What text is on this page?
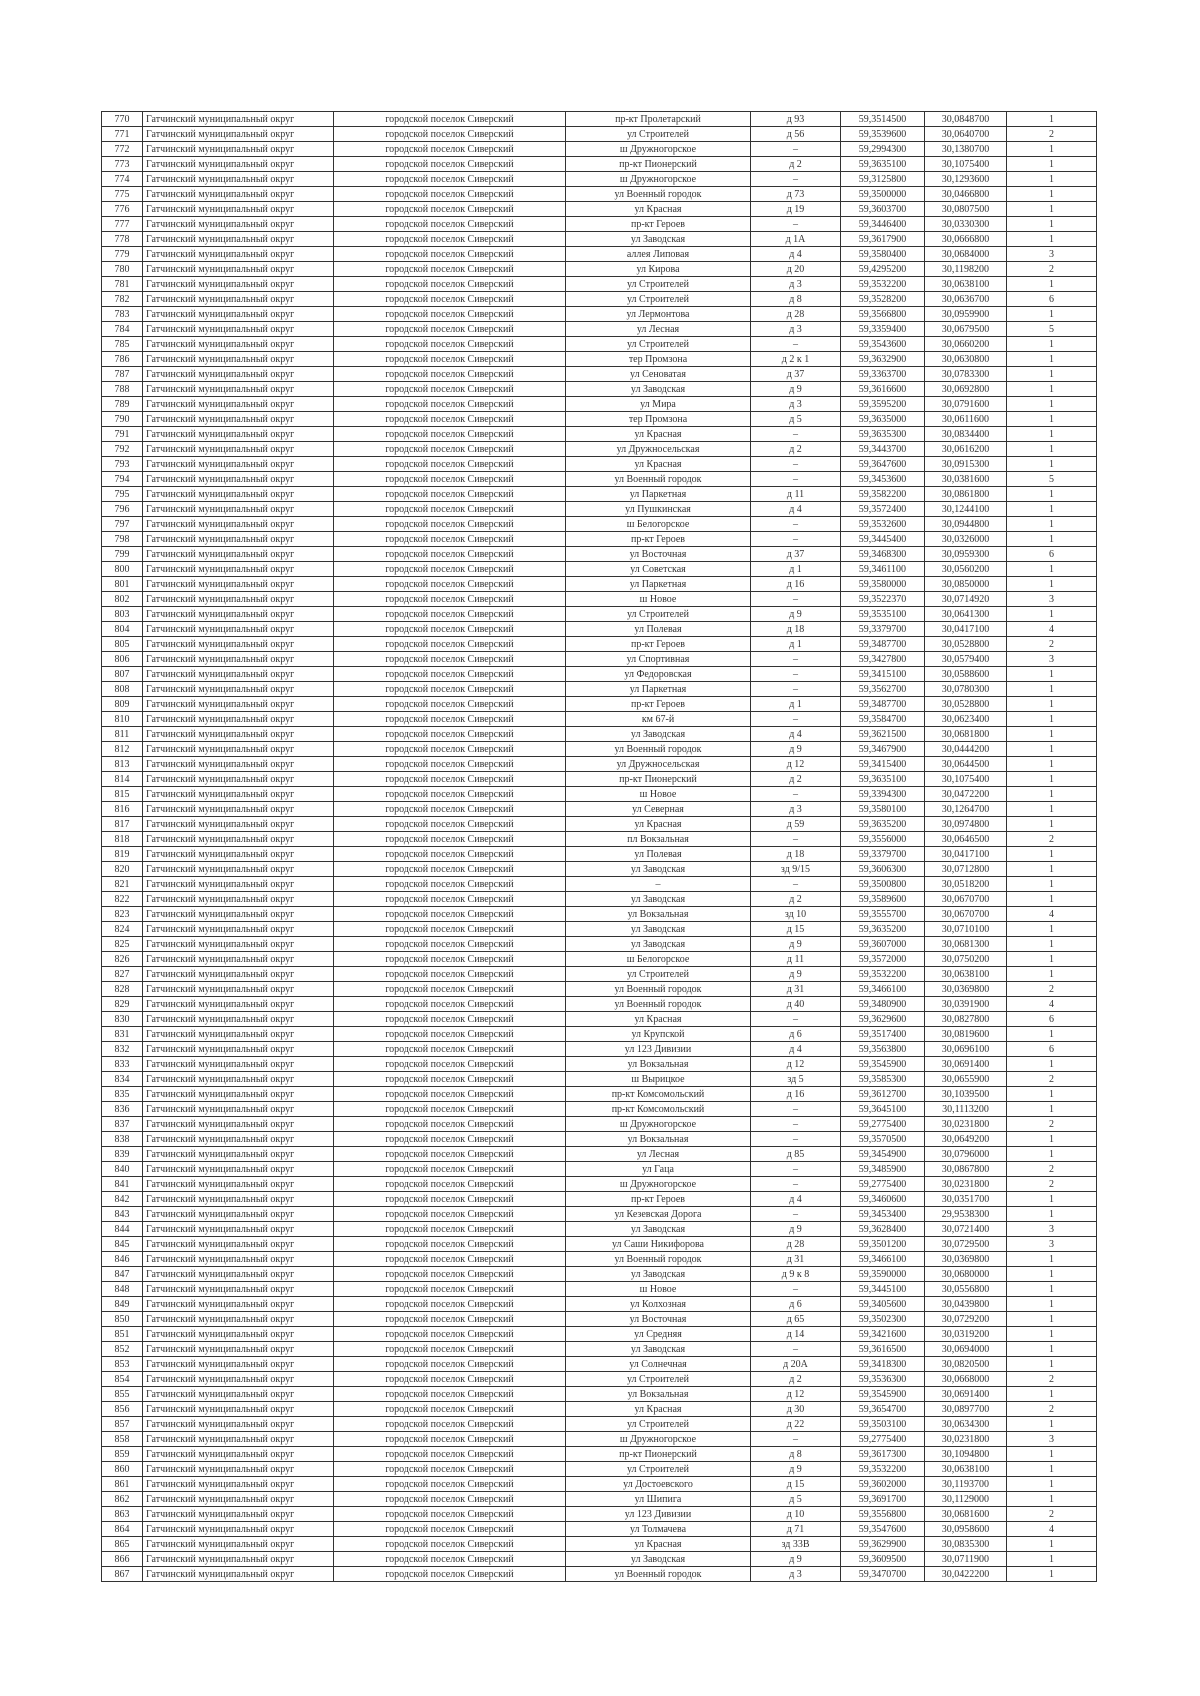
770	Гатчинский муниципальный округ	городской поселок Сиверский	пр-кт Пролетарский	д 93	59,3514500	30,0848700	1
771	Гатчинский муниципальный округ	городской поселок Сиверский	ул Строителей	д 56	59,3539600	30,0640700	2
772	Гатчинский муниципальный округ	городской поселок Сиверский	ш Дружногорское	–	59,2994300	30,1380700	1
773	Гатчинский муниципальный округ	городской поселок Сиверский	пр-кт Пионерский	д 2	59,3635100	30,1075400	1
774	Гатчинский муниципальный округ	городской поселок Сиверский	ш Дружногорское	–	59,3125800	30,1293600	1
775	Гатчинский муниципальный округ	городской поселок Сиверский	ул Военный городок	д 73	59,3500000	30,0466800	1
776	Гатчинский муниципальный округ	городской поселок Сиверский	ул Красная	д 19	59,3603700	30,0807500	1
777	Гатчинский муниципальный округ	городской поселок Сиверский	пр-кт Героев	–	59,3446400	30,0330300	1
778	Гатчинский муниципальный округ	городской поселок Сиверский	ул Заводская	д 1А	59,3617900	30,0666800	1
779	Гатчинский муниципальный округ	городской поселок Сиверский	аллея Липовая	д 4	59,3580400	30,0684000	3
780	Гатчинский муниципальный округ	городской поселок Сиверский	ул Кирова	д 20	59,4295200	30,1198200	2
781	Гатчинский муниципальный округ	городской поселок Сиверский	ул Строителей	д 3	59,3532200	30,0638100	1
782	Гатчинский муниципальный округ	городской поселок Сиверский	ул Строителей	д 8	59,3528200	30,0636700	6
783	Гатчинский муниципальный округ	городской поселок Сиверский	ул Лермонтова	д 28	59,3566800	30,0959900	1
784	Гатчинский муниципальный округ	городской поселок Сиверский	ул Лесная	д 3	59,3359400	30,0679500	5
785	Гатчинский муниципальный округ	городской поселок Сиверский	ул Строителей	–	59,3543600	30,0660200	1
786	Гатчинский муниципальный округ	городской поселок Сиверский	тер Промзона	д 2 к 1	59,3632900	30,0630800	1
787	Гатчинский муниципальный округ	городской поселок Сиверский	ул Сеноватая	д 37	59,3363700	30,0783300	1
788	Гатчинский муниципальный округ	городской поселок Сиверский	ул Заводская	д 9	59,3616600	30,0692800	1
789	Гатчинский муниципальный округ	городской поселок Сиверский	ул Мира	д 3	59,3595200	30,0791600	1
790	Гатчинский муниципальный округ	городской поселок Сиверский	тер Промзона	д 5	59,3635000	30,0611600	1
791	Гатчинский муниципальный округ	городской поселок Сиверский	ул Красная	–	59,3635300	30,0834400	1
792	Гатчинский муниципальный округ	городской поселок Сиверский	ул Дружносельская	д 2	59,3443700	30,0616200	1
793	Гатчинский муниципальный округ	городской поселок Сиверский	ул Красная	–	59,3647600	30,0915300	1
794	Гатчинский муниципальный округ	городской поселок Сиверский	ул Военный городок	–	59,3453600	30,0381600	5
795	Гатчинский муниципальный округ	городской поселок Сиверский	ул Паркетная	д 11	59,3582200	30,0861800	1
796	Гатчинский муниципальный округ	городской поселок Сиверский	ул Пушкинская	д 4	59,3572400	30,1244100	1
797	Гатчинский муниципальный округ	городской поселок Сиверский	ш Белогорское	–	59,3532600	30,0944800	1
798	Гатчинский муниципальный округ	городской поселок Сиверский	пр-кт Героев	–	59,3445400	30,0326000	1
799	Гатчинский муниципальный округ	городской поселок Сиверский	ул Восточная	д 37	59,3468300	30,0959300	6
800	Гатчинский муниципальный округ	городской поселок Сиверский	ул Советская	д 1	59,3461100	30,0560200	1
801	Гатчинский муниципальный округ	городской поселок Сиверский	ул Паркетная	д 16	59,3580000	30,0850000	1
802	Гатчинский муниципальный округ	городской поселок Сиверский	ш Новое	–	59,3522370	30,0714920	3
803	Гатчинский муниципальный округ	городской поселок Сиверский	ул Строителей	д 9	59,3535100	30,0641300	1
804	Гатчинский муниципальный округ	городской поселок Сиверский	ул Полевая	д 18	59,3379700	30,0417100	4
805	Гатчинский муниципальный округ	городской поселок Сиверский	пр-кт Героев	д 1	59,3487700	30,0528800	2
806	Гатчинский муниципальный округ	городской поселок Сиверский	ул Спортивная	–	59,3427800	30,0579400	3
807	Гатчинский муниципальный округ	городской поселок Сиверский	ул Федоровская	–	59,3415100	30,0588600	1
808	Гатчинский муниципальный округ	городской поселок Сиверский	ул Паркетная	–	59,3562700	30,0780300	1
809	Гатчинский муниципальный округ	городской поселок Сиверский	пр-кт Героев	д 1	59,3487700	30,0528800	1
810	Гатчинский муниципальный округ	городской поселок Сиверский	км 67-й	–	59,3584700	30,0623400	1
811	Гатчинский муниципальный округ	городской поселок Сиверский	ул Заводская	д 4	59,3621500	30,0681800	1
812	Гатчинский муниципальный округ	городской поселок Сиверский	ул Военный городок	д 9	59,3467900	30,0444200	1
813	Гатчинский муниципальный округ	городской поселок Сиверский	ул Дружносельская	д 12	59,3415400	30,0644500	1
814	Гатчинский муниципальный округ	городской поселок Сиверский	пр-кт Пионерский	д 2	59,3635100	30,1075400	1
815	Гатчинский муниципальный округ	городской поселок Сиверский	ш Новое	–	59,3394300	30,0472200	1
816	Гатчинский муниципальный округ	городской поселок Сиверский	ул Северная	д 3	59,3580100	30,1264700	1
817	Гатчинский муниципальный округ	городской поселок Сиверский	ул Красная	д 59	59,3635200	30,0974800	1
818	Гатчинский муниципальный округ	городской поселок Сиверский	пл Вокзальная	–	59,3556000	30,0646500	2
819	Гатчинский муниципальный округ	городской поселок Сиверский	ул Полевая	д 18	59,3379700	30,0417100	1
820	Гатчинский муниципальный округ	городской поселок Сиверский	ул Заводская	зд 9/15	59,3606300	30,0712800	1
821	Гатчинский муниципальный округ	городской поселок Сиверский	–	–	59,3500800	30,0518200	1
822	Гатчинский муниципальный округ	городской поселок Сиверский	ул Заводская	д 2	59,3589600	30,0670700	1
823	Гатчинский муниципальный округ	городской поселок Сиверский	ул Вокзальная	зд 10	59,3555700	30,0670700	4
824	Гатчинский муниципальный округ	городской поселок Сиверский	ул Заводская	д 15	59,3635200	30,0710100	1
825	Гатчинский муниципальный округ	городской поселок Сиверский	ул Заводская	д 9	59,3607000	30,0681300	1
826	Гатчинский муниципальный округ	городской поселок Сиверский	ш Белогорское	д 11	59,3572000	30,0750200	1
827	Гатчинский муниципальный округ	городской поселок Сиверский	ул Строителей	д 9	59,3532200	30,0638100	1
828	Гатчинский муниципальный округ	городской поселок Сиверский	ул Военный городок	д 31	59,3466100	30,0369800	2
829	Гатчинский муниципальный округ	городской поселок Сиверский	ул Военный городок	д 40	59,3480900	30,0391900	4
830	Гатчинский муниципальный округ	городской поселок Сиверский	ул Красная	–	59,3629600	30,0827800	6
831	Гатчинский муниципальный округ	городской поселок Сиверский	ул Крупской	д 6	59,3517400	30,0819600	1
832	Гатчинский муниципальный округ	городской поселок Сиверский	ул 123 Дивизии	д 4	59,3563800	30,0696100	6
833	Гатчинский муниципальный округ	городской поселок Сиверский	ул Вокзальная	д 12	59,3545900	30,0691400	1
834	Гатчинский муниципальный округ	городской поселок Сиверский	ш Вырицкое	зд 5	59,3585300	30,0655900	2
835	Гатчинский муниципальный округ	городской поселок Сиверский	пр-кт Комсомольский	д 16	59,3612700	30,1039500	1
836	Гатчинский муниципальный округ	городской поселок Сиверский	пр-кт Комсомольский	–	59,3645100	30,1113200	1
837	Гатчинский муниципальный округ	городской поселок Сиверский	ш Дружногорское	–	59,2775400	30,0231800	2
838	Гатчинский муниципальный округ	городской поселок Сиверский	ул Вокзальная	–	59,3570500	30,0649200	1
839	Гатчинский муниципальный округ	городской поселок Сиверский	ул Лесная	д 85	59,3454900	30,0796000	1
840	Гатчинский муниципальный округ	городской поселок Сиверский	ул Гаца	–	59,3485900	30,0867800	2
841	Гатчинский муниципальный округ	городской поселок Сиверский	ш Дружногорское	–	59,2775400	30,0231800	2
842	Гатчинский муниципальный округ	городской поселок Сиверский	пр-кт Героев	д 4	59,3460600	30,0351700	1
843	Гатчинский муниципальный округ	городской поселок Сиверский	ул Кезевская Дорога	–	59,3453400	29,9538300	1
844	Гатчинский муниципальный округ	городской поселок Сиверский	ул Заводская	д 9	59,3628400	30,0721400	3
845	Гатчинский муниципальный округ	городской поселок Сиверский	ул Саши Никифорова	д 28	59,3501200	30,0729500	3
846	Гатчинский муниципальный округ	городской поселок Сиверский	ул Военный городок	д 31	59,3466100	30,0369800	1
847	Гатчинский муниципальный округ	городской поселок Сиверский	ул Заводская	д 9 к 8	59,3590000	30,0680000	1
848	Гатчинский муниципальный округ	городской поселок Сиверский	ш Новое	–	59,3445100	30,0556800	1
849	Гатчинский муниципальный округ	городской поселок Сиверский	ул Колхозная	д 6	59,3405600	30,0439800	1
850	Гатчинский муниципальный округ	городской поселок Сиверский	ул Восточная	д 65	59,3502300	30,0729200	1
851	Гатчинский муниципальный округ	городской поселок Сиверский	ул Средняя	д 14	59,3421600	30,0319200	1
852	Гатчинский муниципальный округ	городской поселок Сиверский	ул Заводская	–	59,3616500	30,0694000	1
853	Гатчинский муниципальный округ	городской поселок Сиверский	ул Солнечная	д 20А	59,3418300	30,0820500	1
854	Гатчинский муниципальный округ	городской поселок Сиверский	ул Строителей	д 2	59,3536300	30,0668000	2
855	Гатчинский муниципальный округ	городской поселок Сиверский	ул Вокзальная	д 12	59,3545900	30,0691400	1
856	Гатчинский муниципальный округ	городской поселок Сиверский	ул Красная	д 30	59,3654700	30,0897700	2
857	Гатчинский муниципальный округ	городской поселок Сиверский	ул Строителей	д 22	59,3503100	30,0634300	1
858	Гатчинский муниципальный округ	городской поселок Сиверский	ш Дружногорское	–	59,2775400	30,0231800	3
859	Гатчинский муниципальный округ	городской поселок Сиверский	пр-кт Пионерский	д 8	59,3617300	30,1094800	1
860	Гатчинский муниципальный округ	городской поселок Сиверский	ул Строителей	д 9	59,3532200	30,0638100	1
861	Гатчинский муниципальный округ	городской поселок Сиверский	ул Достоевского	д 15	59,3602000	30,1193700	1
862	Гатчинский муниципальный округ	городской поселок Сиверский	ул Шипига	д 5	59,3691700	30,1129000	1
863	Гатчинский муниципальный округ	городской поселок Сиверский	ул 123 Дивизии	д 10	59,3556800	30,0681600	2
864	Гатчинский муниципальный округ	городской поселок Сиверский	ул Толмачева	д 71	59,3547600	30,0958600	4
865	Гатчинский муниципальный округ	городской поселок Сиверский	ул Красная	зд 33В	59,3629900	30,0835300	1
866	Гатчинский муниципальный округ	городской поселок Сиверский	ул Заводская	д 9	59,3609500	30,0711900	1
867	Гатчинский муниципальный округ	городской поселок Сиверский	ул Военный городок	д 3	59,3470700	30,0422200	1
